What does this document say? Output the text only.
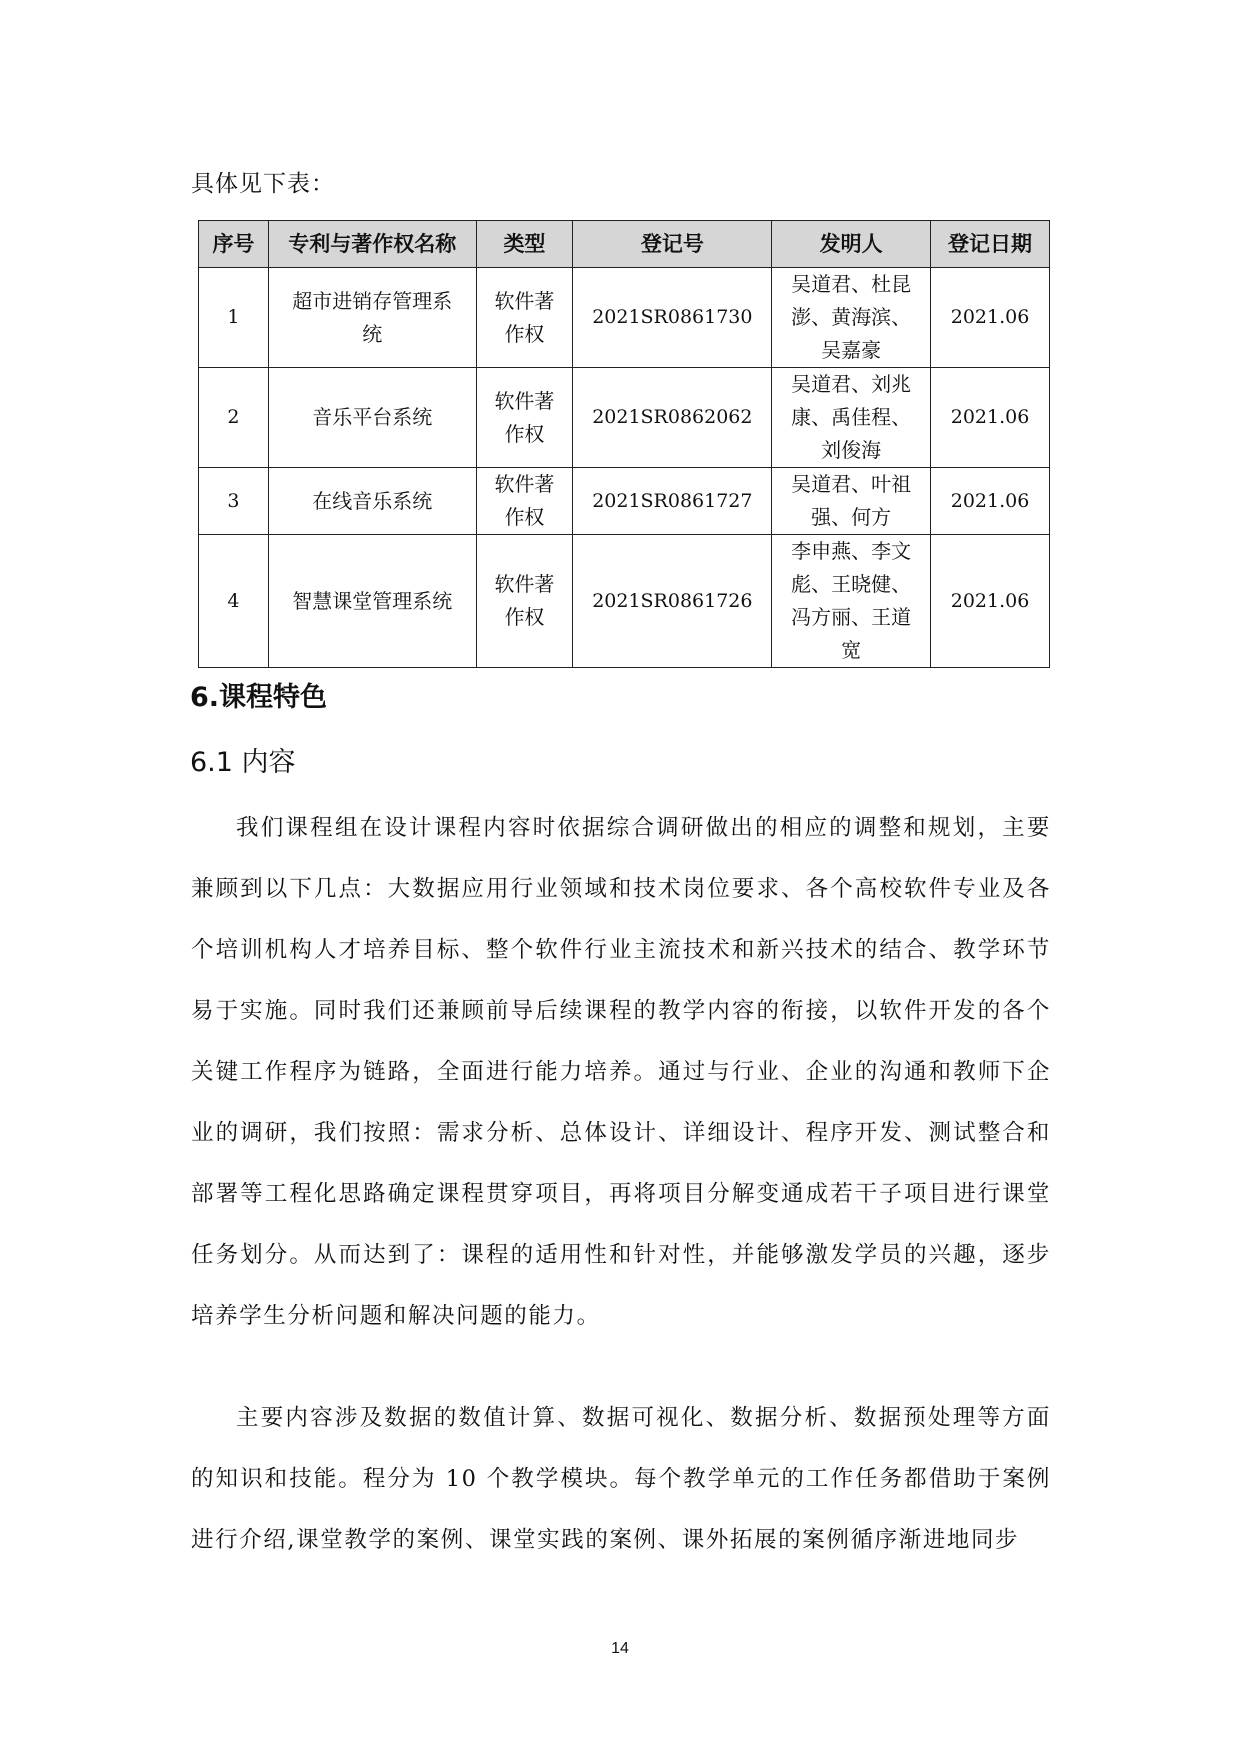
具体见下表：
序号	专利与著作权名称	类型	登记号	发明人	登记日期
1	超市进销存管理系统	软件著作权	2021SR0861730	吴道君、杜昆澎、黄海滨、吴嘉豪	2021.06
2	音乐平台系统	软件著作权	2021SR0862062	吴道君、刘兆康、禹佳程、刘俊海	2021.06
3	在线音乐系统	软件著作权	2021SR0861727	吴道君、叶祖强、何方	2021.06
4	智慧课堂管理系统	软件著作权	2021SR0861726	李申燕、李文彪、王晓健、冯方丽、王道宽	2021.06
6.课程特色
6.1 内容

我们课程组在设计课程内容时依据综合调研做出的相应的调整和规划，主要兼顾到以下几点：大数据应用行业领域和技术岗位要求、各个高校软件专业及各个培训机构人才培养目标、整个软件行业主流技术和新兴技术的结合、教学环节易于实施。同时我们还兼顾前导后续课程的教学内容的衔接，以软件开发的各个关键工作程序为链路，全面进行能力培养。通过与行业、企业的沟通和教师下企业的调研，我们按照：需求分析、总体设计、详细设计、程序开发、测试整合和部署等工程化思路确定课程贯穿项目，再将项目分解变通成若干子项目进行课堂任务划分。从而达到了：课程的适用性和针对性，并能够激发学员的兴趣，逐步培养学生分析问题和解决问题的能力。

主要内容涉及数据的数值计算、数据可视化、数据分析、数据预处理等方面的知识和技能。程分为 10 个教学模块。每个教学单元的工作任务都借助于案例进行介绍,课堂教学的案例、课堂实践的案例、课外拓展的案例循序渐进地同步

14
